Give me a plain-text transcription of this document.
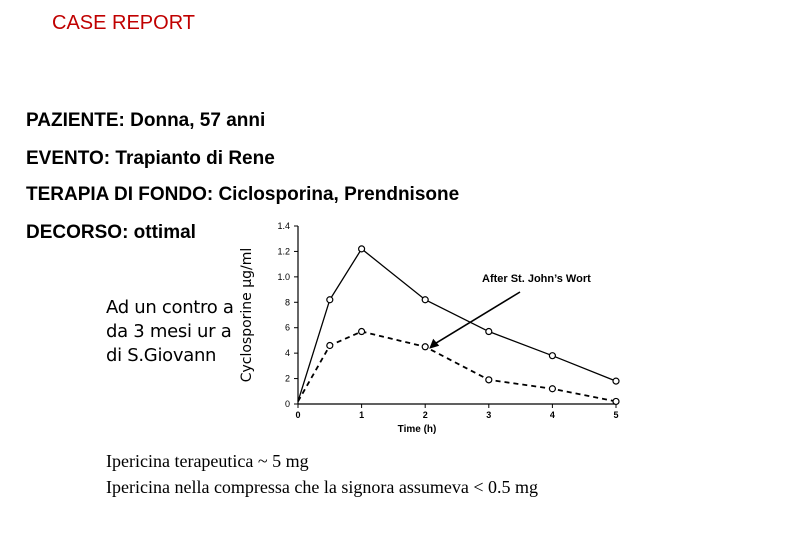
CASE REPORT
PAZIENTE: Donna, 57 anni
EVENTO: Trapianto di Rene
TERAPIA DI FONDO: Ciclosporina, Prendnisone
DECORSO: ottimal
Ad un contro a
da 3 mesi ur a
di S.Giovann
0
2
4
6
8
1.0
1.2
1.4
0	1	2	3	4	5
Time (h)
After St. John’s Wort
Cyclosporine µg/ml
Ipericina terapeutica ~ 5 mg
Ipericina nella compressa che la signora assumeva < 0.5 mg
